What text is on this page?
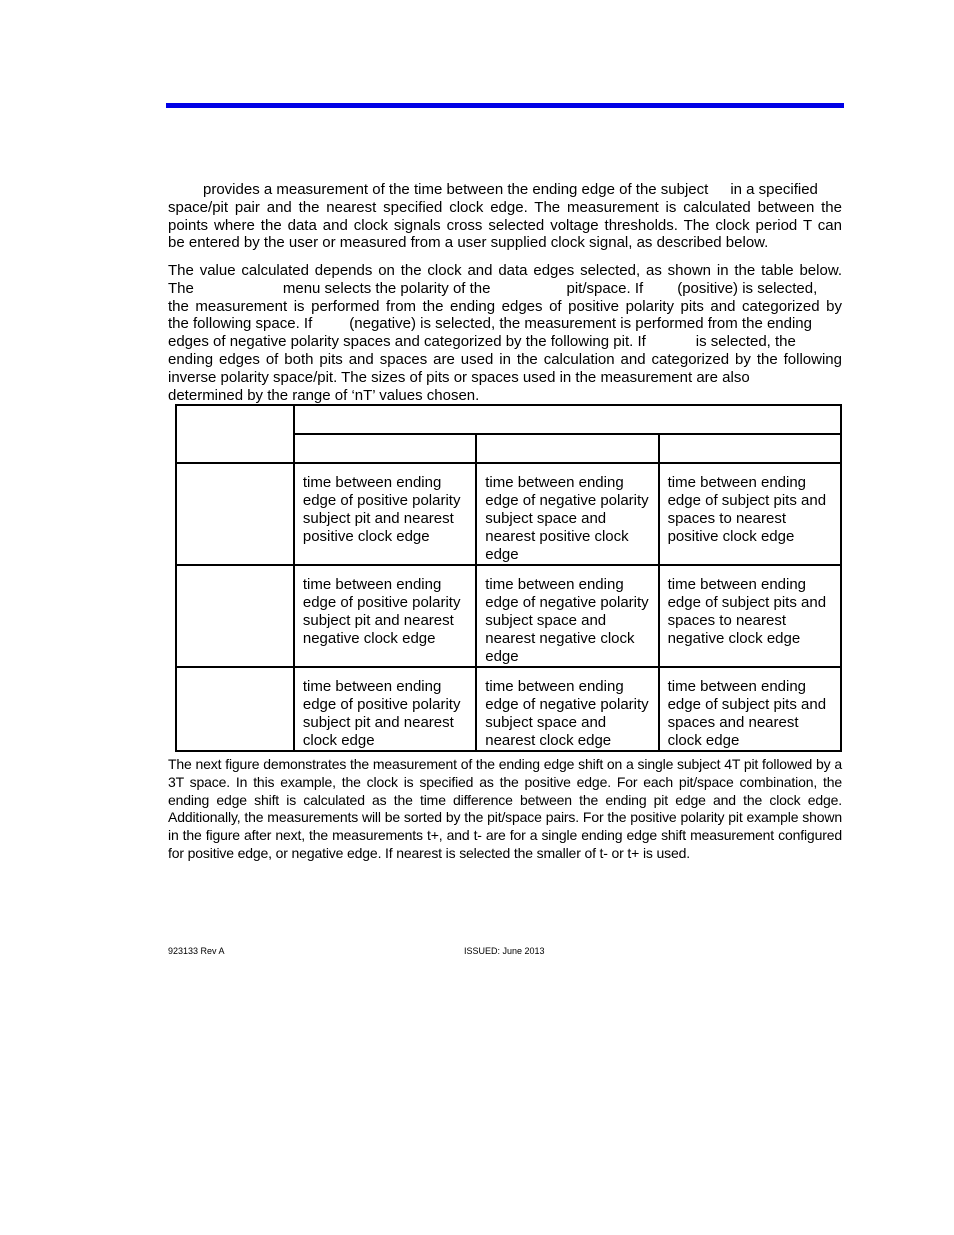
provides a measurement of the time between the ending edge of the subject in a specified
space/pit pair and the nearest specified clock edge. The measurement is calculated between the
points where the data and clock signals cross selected voltage thresholds. The clock period T can
be entered by the user or measured from a user supplied clock signal, as described below.
The value calculated depends on the clock and data edges selected, as shown in the table below.
The	menu selects the polarity of the	pit/space. If (positive) is selected,
the measurement is performed from the ending edges of positive polarity pits and categorized by
the following space. If (negative) is selected, the measurement is performed from the ending
edges of negative polarity spaces and categorized by the following pit. If	is selected, the
ending edges of both pits and spaces are used in the calculation and categorized by the following
inverse polarity space/pit. The sizes of pits or spaces used in the measurement are also
determined by the range of ‘nT’ values chosen.

	time between ending edge of positive polarity subject pit and nearest positive clock edge	time between ending edge of negative polarity subject space and nearest positive clock edge	time between ending edge of subject pits and spaces to nearest positive clock edge
	time between ending edge of positive polarity subject pit and nearest negative clock edge	time between ending edge of negative polarity subject space and nearest negative clock edge	time between ending edge of subject pits and spaces to nearest negative clock edge
	time between ending edge of positive polarity subject pit and nearest clock edge	time between ending edge of negative polarity subject space and nearest clock edge	time between ending edge of subject pits and spaces and nearest clock edge

The next figure demonstrates the measurement of the ending edge shift on a single subject 4T pit followed by a 3T space. In this example, the clock is specified as the positive edge. For each pit/space combination, the ending edge shift is calculated as the time difference between the ending pit edge and the clock edge. Additionally, the measurements will be sorted by the pit/space pairs. For the positive polarity pit example shown in the figure after next, the measurements t+, and t- are for a single ending edge shift measurement configured for positive edge, or negative edge. If nearest is selected the smaller of t- or t+ is used.

923133 Rev A	ISSUED: June 2013
